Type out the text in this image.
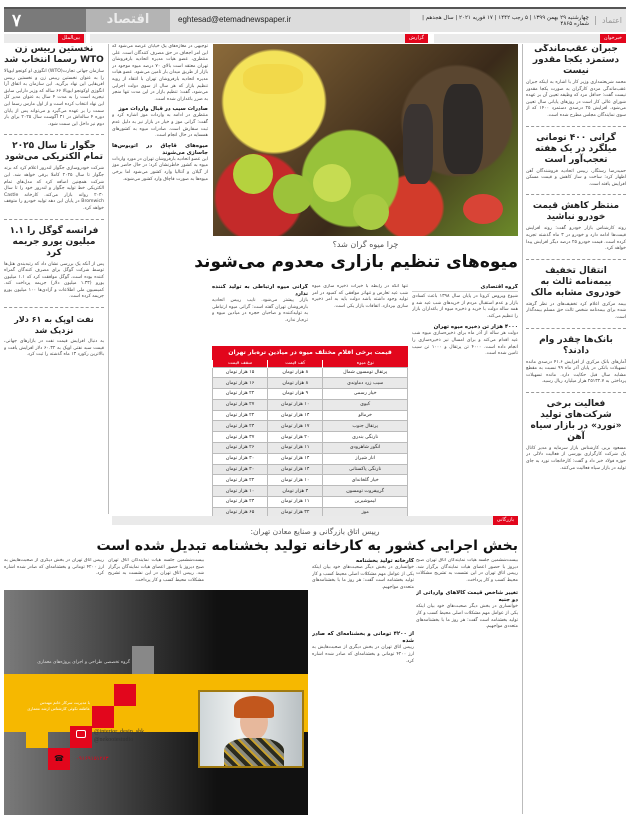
۷	اقتصاد	eghtesad@etemadnewspaper.ir	اعتماد
چهارشنبه ۲۹ بهمن ۱۳۹۹ | ۵ رجب ۱۴۴۲ | ۱۷ فوریه ۲۰۲۱ | سال هجدهم | شماره ۴۸۶۵
بین‌الملل	گزارش	خبرخوان
نخستین رییس زن WTO رسما انتخاب شد
سازمان جهانی تجارت(WTO) انگوزی او کونجو ایویالا را به عنوان نخستین رییس زن و نخستین رییس افریقایی این نهاد برگزید. این سازمان به اتفاق آرا انگوزی اوکونجو ایویالا ۶۶ ساله که وزیر دارایی سابق نیجریه است را به مدت ۴ سال به عنوان مدیر کل این نهاد انتخاب کرده است و از اول مارس رسما این سمت را بر عهده می‌گیرد و می‌تواند پس از پایان دوره ۴ ساله‌اش در ۳۱ آگوست سال ۲۰۲۵ برای بار دوم نیز داخل این سمت شود.
جگوار تا سال ۲۰۲۵ تمام الکتریکی می‌شود
شرکت خودروسازی جگوار لندرور اعلام کرد که برند جگوار تا سال ۲۰۲۵ کاملا برقی خواهد شد. این شرکت همچنین اضافه کرد که مدل‌های تمام الکتریکی خط تولید جگوار و لندرور خود را تا سال ۲۰۳۰ روانه بازار می‌کند. کارخانه Castle Bromwich در پایان این دهه تولید خودرو را متوقف خواهد کرد.
فرانسه گوگل را ۱.۱ میلیون یورو جریمه کرد
پس از آنکه یک بررسی نشان داد که رتبه‌بندی هتل‌ها توسط شرکت گوگل برای مصرف کنندگان گمراه کننده بوده است، گوگل موافقت کرد که ۱.۱ میلیون یورو (۱.۳۳ میلیون دلار) جریمه پرداخت کند. کمیسیون ملی اطلاعات و آزادی‌ها ۱۰۰ میلیون یورو جریمه کرده است.
نفت اوپک به ۶۱ دلار نزدیک شد
به دنبال افزایش قیمت نفت در بازارهای جهانی، قیمت سبد نفتی اوپک به ۶۰.۳۲ دلار افزایش یافت و بالاترین رکورد ۱۳ ماه گذشته را ثبت کرد.
توجیهی در مغازه‌های یک خیابان عرضه می‌شود که این امر اجحاف در حق مصرف کنندگان است. علی منتظری، عضو هیات مدیره اتحادیه بارفروشان تهران معتقد است بالای ۷۰ درصد میوه موجود در بازار از طریق میدان بار تامین می‌شود. عضو هیات مدیره اتحادیه بارفروشان تهران با انتقاد از رویه تنظیم بازار که هر سال از سوی دولت اجرایی می‌شود، گفت: تنظیم بازار در این مدت تنها منجر به ضرر باغداران شده است.
صادرات سیب در قبال واردات موز
منتظری در ادامه به واردات موز اشاره کرد و گفت: گرانی موز و خیار در بازار نیز به دلیل عدم ثبت سفارش است. صادرات میوه به کشورهای همسایه در حال انجام است.
میوه‌های قاچاق در اتوبوس‌ها جاسازی می‌شوند
این عضو اتحادیه بارفروشان تهران در مورد واردات میوه به کشور خاطرنشان کرد: در حال حاضر موز از گیلان و آنتالیا وارد کشور می‌شود اما برخی میوه‌ها به صورت قاچاق وارد کشور می‌شوند.
چرا میوه گران شد؟
میوه‌های تنظیم بازاری معدوم می‌شوند
گرانی میوه ارتباطی به تولید کننده ندارد
بازار پیشتر می‌شود. نایب رییس اتحادیه بارفروشان تهران گفته است: گرانی میوه ارتباطی به تولیدکننده و صاحبان حجره در میادین میوه و تره‌بار ندارد.
تنها آنکه در رابطه با خیرات ذخیره سازی میوه شب عید تعارض و تنهاتر موافقی که کمبود در امر تولید وجود داشته باشد دولت باید به امر ذخیره سازی بپردازد. اتفاقات بازار یکی است.
گروه اقتصادی
شیوع ویروس کرونا در پایان سال ۱۳۹۸ باعث کسادی بازار و عدم استقبال مردم از خریدهای شب عید شد و همه ساله دولت با خرید و ذخیره میوه از باغداران بازار را تنظیم می‌کند.
۴۰۰۰ هزار تن ذخیره میوه تهران
دولت هر ساله از آذر ماه برای ذخیره‌سازی میوه شب عید اقدام می‌کند و برای امسال نیز ذخیره‌سازی را انجام داده است. ۴۰۰۰ تن پرتقال و ۱۰۰۰ تن سیب تامین شده است.
قیمت برخی اقلام مختلف میوه در میادین تره‌بار تهران
نوع میوه	کف قیمت	سقف قیمت
پرتقال تومسون شمال	۸ هزار تومان	۱۵ هزار تومان
سیب زرد دماوندی	۸ هزار تومان	۱۶ هزار تومان
خیار رسمی	۹ هزار تومان	۲۲ هزار تومان
کیوی	۱۰ هزار تومان	۲۷ هزار تومان
خرمالو	۱۴ هزار تومان	۲۲ هزار تومان
پرتقال جنوب	۱۷ هزار تومان	۲۴ هزار تومان
نارنگی بندری	۲۰ هزار تومان	۳۷ هزار تومان
انگور شاهرودی	۱۱ هزار تومان	۲۶ هزار تومان
انار شیراز	۱۴ هزار تومان	۳۰ هزار تومان
نارنگی پاکستانی	۱۴ هزار تومان	۳۰ هزار تومان
خیار گلخانه‌ای	۱۰ هزار تومان	۲۲ هزار تومان
گریپفروت تومسون	۴ هزار تومان	۱۰ هزار تومان
لیموشیرین	۱۱ هزار تومان	۲۴ هزار تومان
موز	۳۲ هزار تومان	۶۵ هزار تومان
بازرگانی
رییس اتاق بازرگانی و صنایع معادن تهران:
بخش اجرایی کشور به کارخانه تولید بخشنامه تبدیل شده است
رییس اتاق تهران در بخش دیگری از صحبت‌هایش به ارز ۴۲۰۰ تومانی و بخشنامه‌ای که صادر شده اشاره کرد.
بیست‌ششمین جلسه هیات نمایندگان اتاق تهران صبح دیروز با حضور اعضای هیات نمایندگان برگزار شد. رییس اتاق تهران در این نشست به تشریح مشکلات محیط کسب و کار پرداخت.
کارخانه تولید بخشنامه
خوانساری در بخش دیگر صحبت‌های خود بیان اینکه یکی از عوامل مهم مشکلات اصلی محیط کسب و کار تولید بخشنامه است گفت: هر روز ما با بخشنامه‌های متعددی مواجهیم.
از ۴۲۰۰ تومانی و بخشنامه‌ای که صادر شده
رییس اتاق تهران در بخش دیگری از صحبت‌هایش به ارز ۴۲۰۰ تومانی و بخشنامه‌ای که صادر شده اشاره کرد.
بیست‌ششمین جلسه هیات نمایندگان اتاق تهران صبح دیروز با حضور اعضای هیات نمایندگان برگزار شد. رییس اتاق تهران در این نشست به تشریح مشکلات محیط کسب و کار پرداخت.
تغییر شاخص قیمت کالاهای وارداتی از دو جنبه
خوانساری در بخش دیگر صحبت‌های خود بیان اینکه یکی از عوامل مهم مشکلات اصلی محیط کسب و کار تولید بخشنامه است گفت: هر روز ما با بخشنامه‌های متعددی مواجهیم.
گروه تخصصی طراحی و اجرای پروژه‌های معماری
استودیو طراحی نکوئی
با مدیریت سرکار خانم مهندس
عاطفه نکوئی کارشناس ارشد معماری
@interior_desin_shk
@nekooiestudio
☎ ۰۹۱۶۹۱۵۱۲۸۳
جبران عقب‌ماندگی دستمزد یکجا مقدور نیست
محمد شریعتمداری وزیر کار با اشاره به اینکه جبران عقب‌ماندگی مزدی کارگران به صورت یکجا مقدور نیست گفت: حداقل مزد که وظیفه تعیین آن بر عهده شورای عالی کار است در روزهای پایانی سال تعیین می‌شود. افزایش ۲۵ درصدی دستمزد ۱۴۰۰ که از سوی نمایندگان مجلس مطرح شده است.
گرانی ۴۰۰ تومانی میلگرد در یک هفته تعجب‌آور است
حمیدرضا رستگار، رییس اتحادیه فروشندگان آهن اظهار کرد: ساخت و ساز کاهش و قیمت مسکن افزایش یافته است.
منتظر کاهش قیمت خودرو نباشید
روند کارشناس بازار خودرو گفت: روند افزایش قیمت‌ها ادامه دارد و خودرو در ۳ ماه گذشته تجربه کرده است. قیمت خودرو ۲۵ درصد دیگر افزایش پیدا خواهد کرد.
انتقال تخفیف بیمه‌نامه ثالث به خودروی مشابه مالک
بیمه مرکزی اعلام کرد تخفیف‌های در نظر گرفته شده برای بیمه‌نامه شخص ثالث حق مسلم بیمه‌گذار است.
بانک‌ها چقدر وام دادند؟
آمارهای بانک مرکزی از افزایش ۴۱.۶ درصدی مانده تسهیلات بانکی در پایان آذر ماه ۹۹ نسبت به مقطع مشابه سال قبل حکایت دارد. مانده تسهیلات پرداختی به ۲۵۱۳۲.۷ هزار میلیارد ریال رسید.
فعالیت برخی شرکت‌های تولید «نورد» در بازار سیاه آهن
مسعود بربر، کارشناس بازار سرمایه و مدیر کانال یک شرکت کارگزاری بورسی از فعالیت دلالی در حوزه فولاد خبر داد و گفت: کارخانجات نورد به جای تولید در بازار سیاه فعالیت می‌کنند.
